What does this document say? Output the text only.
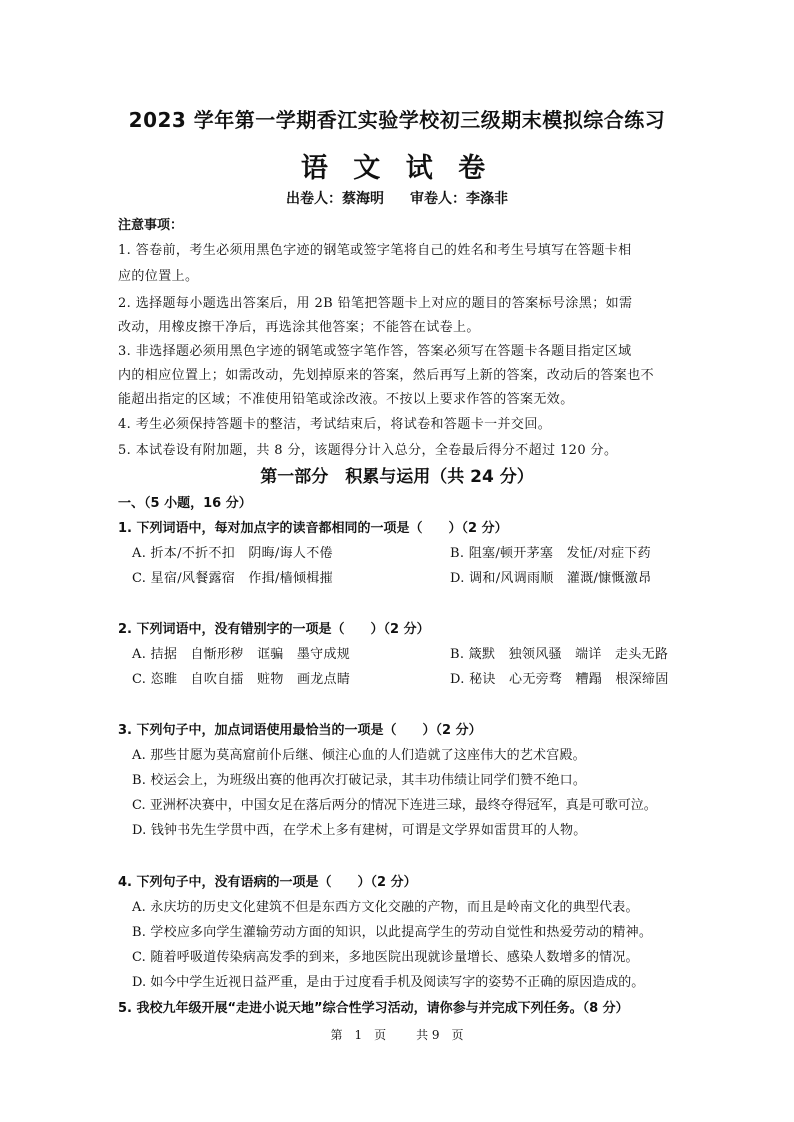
2023 学年第一学期香江实验学校初三级期末模拟综合练习
语 文 试 卷
出卷人：蔡海明 审卷人：李涤非
注意事项：
1. 答卷前，考生必须用黑色字迹的钢笔或签字笔将自己的姓名和考生号填写在答题卡相
应的位置上。
2. 选择题每小题选出答案后，用 2B 铅笔把答题卡上对应的题目的答案标号涂黑；如需
改动，用橡皮擦干净后，再选涂其他答案；不能答在试卷上。
3. 非选择题必须用黑色字迹的钢笔或签字笔作答，答案必须写在答题卡各题目指定区域
内的相应位置上；如需改动，先划掉原来的答案，然后再写上新的答案，改动后的答案也不
能超出指定的区域；不准使用铅笔或涂改液。不按以上要求作答的答案无效。
4. 考生必须保持答题卡的整洁，考试结束后，将试卷和答题卡一并交回。
5. 本试卷设有附加题，共 8 分，该题得分计入总分，全卷最后得分不超过 120 分。
第一部分　积累与运用（共 24 分）
一、（5 小题，16 分）
1. 下列词语中，每对加点字的读音都相同的一项是（　　）（2 分）
A. 折本/不折不扣　阴晦/诲人不倦	B. 阻塞/顿开茅塞　发怔/对症下药
C. 星宿/风餐露宿　作揖/樯倾楫摧	D. 调和/风调雨顺　灌溉/慷慨激昂
2. 下列词语中，没有错别字的一项是（　　）（2 分）
A. 拮据　自惭形秽　诓骗　墨守成规	B. 箴默　独领风骚　端详　走头无路
C. 恣睢　自吹自擂　赃物　画龙点睛	D. 秘诀　心无旁骛　糟蹋　根深缔固
3. 下列句子中，加点词语使用最恰当的一项是（　　）（2 分）
A. 那些甘愿为莫高窟前仆后继、倾注心血的人们造就了这座伟大的艺术宫殿。
B. 校运会上，为班级出赛的他再次打破记录，其丰功伟绩让同学们赞不绝口。
C. 亚洲杯决赛中，中国女足在落后两分的情况下连进三球，最终夺得冠军，真是可歌可泣。
D. 钱钟书先生学贯中西，在学术上多有建树，可谓是文学界如雷贯耳的人物。
4. 下列句子中，没有语病的一项是（　　）（2 分）
A. 永庆坊的历史文化建筑不但是东西方文化交融的产物，而且是岭南文化的典型代表。
B. 学校应多向学生灌输劳动方面的知识，以此提高学生的劳动自觉性和热爱劳动的精神。
C. 随着呼吸道传染病高发季的到来，多地医院出现就诊量增长、感染人数增多的情况。
D. 如今中学生近视日益严重，是由于过度看手机及阅读写字的姿势不正确的原因造成的。
5. 我校九年级开展“走进小说天地”综合性学习活动，请你参与并完成下列任务。（8 分）
第　1　页	共 9　页
